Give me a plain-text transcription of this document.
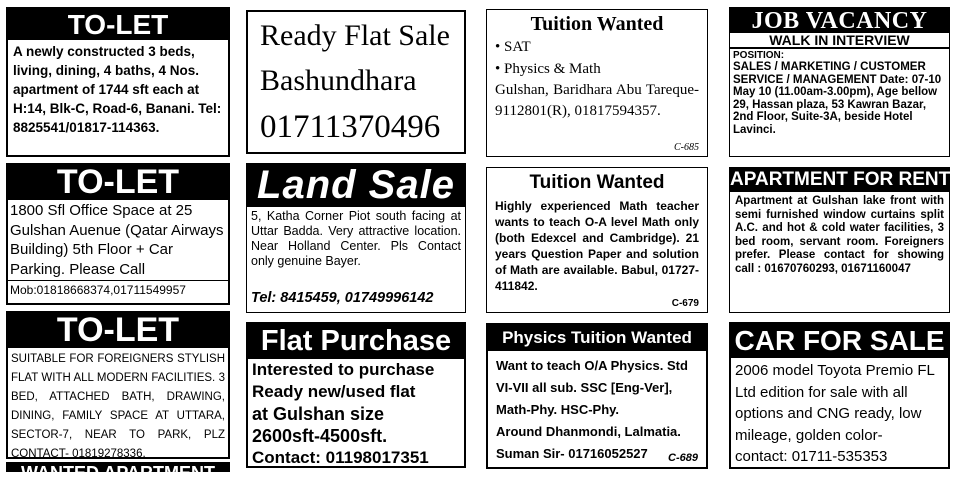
TO-LET
A newly constructed 3 beds, living, dining, 4 baths, 4 Nos. apartment of 1744 sft each at H:14, Blk-C, Road-6, Banani. Tel: 8825541/01817-114363.
TO-LET
1800 Sfl Office Space at 25 Gulshan Auenue (Qatar Airways Building) 5th Floor + Car Parking. Please Call
Mob:01818668374,01711549957
TO-LET
SUITABLE FOR FOREIGNERS STYLISH FLAT WITH ALL MODERN FACILITIES. 3 BED, ATTACHED BATH, DRAWING, DINING, FAMILY SPACE AT UTTARA, SECTOR-7, NEAR TO PARK, PLZ CONTACT- 01819278336.
WANTED APARTMENT
Ready Flat Sale
Bashundhara
01711370496
Land Sale
5, Katha Corner Piot south facing at Uttar Badda. Very attractive location. Near Holland Center. Pls Contact only genuine Bayer.
Tel: 8415459, 01749996142
Flat Purchase
Interested to purchase
Ready new/used flat
at Gulshan size
2600sft-4500sft.
Contact: 01198017351
Tuition Wanted
• SAT
• Physics & Math
Gulshan, Baridhara Abu Tareque-9112801(R), 01817594357.
C-685
Tuition Wanted
Highly experienced Math teacher wants to teach O-A level Math only (both Edexcel and Cambridge). 21 years Question Paper and solution of Math are available. Babul, 01727-411842.
C-679
Physics Tuition Wanted
Want to teach O/A Physics. Std VI-VII all sub. SSC [Eng-Ver], Math-Phy. HSC-Phy.
Around Dhanmondi, Lalmatia.
Suman Sir- 01716052527	C-689
JOB VACANCY
WALK IN INTERVIEW
POSITION:
SALES / MARKETING / CUSTOMER SERVICE / MANAGEMENT Date: 07-10 May 10 (11.00am-3.00pm), Age bellow 29, Hassan plaza, 53 Kawran Bazar, 2nd Floor, Suite-3A, beside Hotel Lavinci.
APARTMENT FOR RENT
Apartment at Gulshan lake front with semi furnished window curtains split A.C. and hot & cold water facilities, 3 bed room, servant room. Foreigners prefer. Please contact for showing call : 01670760293, 01671160047
CAR FOR SALE
2006 model Toyota Premio FL Ltd edition for sale with all options and CNG ready, low mileage, golden color-
contact: 01711-535353
